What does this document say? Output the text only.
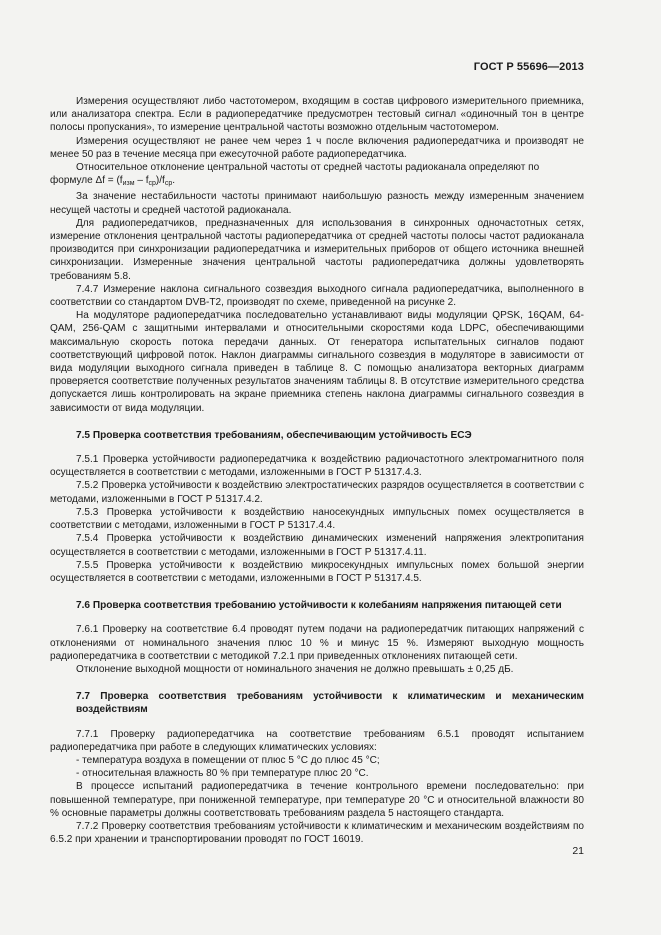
ГОСТ Р 55696—2013

Измерения осуществляют либо частотомером, входящим в состав цифрового измерительного приемника, или анализатора спектра. Если в радиопередатчике предусмотрен тестовый сигнал «одиночный тон в центре полосы пропускания», то измерение центральной частоты возможно отдельным частотомером.

Измерения осуществляют не ранее чем через 1 ч после включения радиопередатчика и производят не менее 50 раз в течение месяца при ежесуточной работе радиопередатчика.

Относительное отклонение центральной частоты от средней частоты радиоканала определяют по

формуле $\Delta f = (f_{изм} - f_{ср})/f_{ср}$.

За значение нестабильности частоты принимают наибольшую разность между измеренным значением несущей частоты и средней частотой радиоканала.

Для радиопередатчиков, предназначенных для использования в синхронных одночастотных сетях, измерение отклонения центральной частоты радиопередатчика от средней частоты полосы частот радиоканала производится при синхронизации радиопередатчика и измерительных приборов от общего источника внешней синхронизации. Измеренные значения центральной частоты радиопередатчика должны удовлетворять требованиям 5.8.

7.4.7 Измерение наклона сигнального созвездия выходного сигнала радиопередатчика, выполненного в соответствии со стандартом DVB-T2, производят по схеме, приведенной на рисунке 2.

На модуляторе радиопередатчика последовательно устанавливают виды модуляции QPSK, 16QAM, 64-QAM, 256-QAM с защитными интервалами и относительными скоростями кода LDPC, обеспечивающими максимальную скорость потока передачи данных. От генератора испытательных сигналов подают соответствующий цифровой поток. Наклон диаграммы сигнального созвездия в модуляторе в зависимости от вида модуляции выходного сигнала приведен в таблице 8. С помощью анализатора векторных диаграмм проверяется соответствие полученных результатов значениям таблицы 8. В отсутствие измерительного средства допускается лишь контролировать на экране приемника степень наклона диаграммы сигнального созвездия в зависимости от вида модуляции.

7.5 Проверка соответствия требованиям, обеспечивающим устойчивость ЕСЭ

7.5.1 Проверка устойчивости радиопередатчика к воздействию радиочастотного электромагнитного поля осуществляется в соответствии с методами, изложенными в ГОСТ Р 51317.4.3.

7.5.2 Проверка устойчивости к воздействию электростатических разрядов осуществляется в соответствии с методами, изложенными в ГОСТ Р 51317.4.2.

7.5.3 Проверка устойчивости к воздействию наносекундных импульсных помех осуществляется в соответствии с методами, изложенными в ГОСТ Р 51317.4.4.

7.5.4 Проверка устойчивости к воздействию динамических изменений напряжения электропитания осуществляется в соответствии с методами, изложенными в ГОСТ Р 51317.4.11.

7.5.5 Проверка устойчивости к воздействию микросекундных импульсных помех большой энергии осуществляется в соответствии с методами, изложенными в ГОСТ Р 51317.4.5.

7.6 Проверка соответствия требованию устойчивости к колебаниям напряжения питающей сети

7.6.1 Проверку на соответствие 6.4 проводят путем подачи на радиопередатчик питающих напряжений с отклонениями от номинального значения плюс 10 % и минус 15 %. Измеряют выходную мощность радиопередатчика в соответствии с методикой 7.2.1 при приведенных отклонениях питающей сети.

Отклонение выходной мощности от номинального значения не должно превышать ± 0,25 дБ.

7.7 Проверка соответствия требованиям устойчивости к климатическим и механическим воздействиям

7.7.1 Проверку радиопередатчика на соответствие требованиям 6.5.1 проводят испытанием радиопередатчика при работе в следующих климатических условиях:

- температура воздуха в помещении от плюс 5 °С до плюс 45 °С;

- относительная влажность 80 % при температуре плюс 20 °С.

В процессе испытаний радиопередатчика в течение контрольного времени последовательно: при повышенной температуре, при пониженной температуре, при температуре 20 °С и относительной влажности 80 % основные параметры должны соответствовать требованиям раздела 5 настоящего стандарта.

7.7.2 Проверку соответствия требованиям устойчивости к климатическим и механическим воздействиям по 6.5.2 при хранении и транспортировании проводят по ГОСТ 16019.

21
